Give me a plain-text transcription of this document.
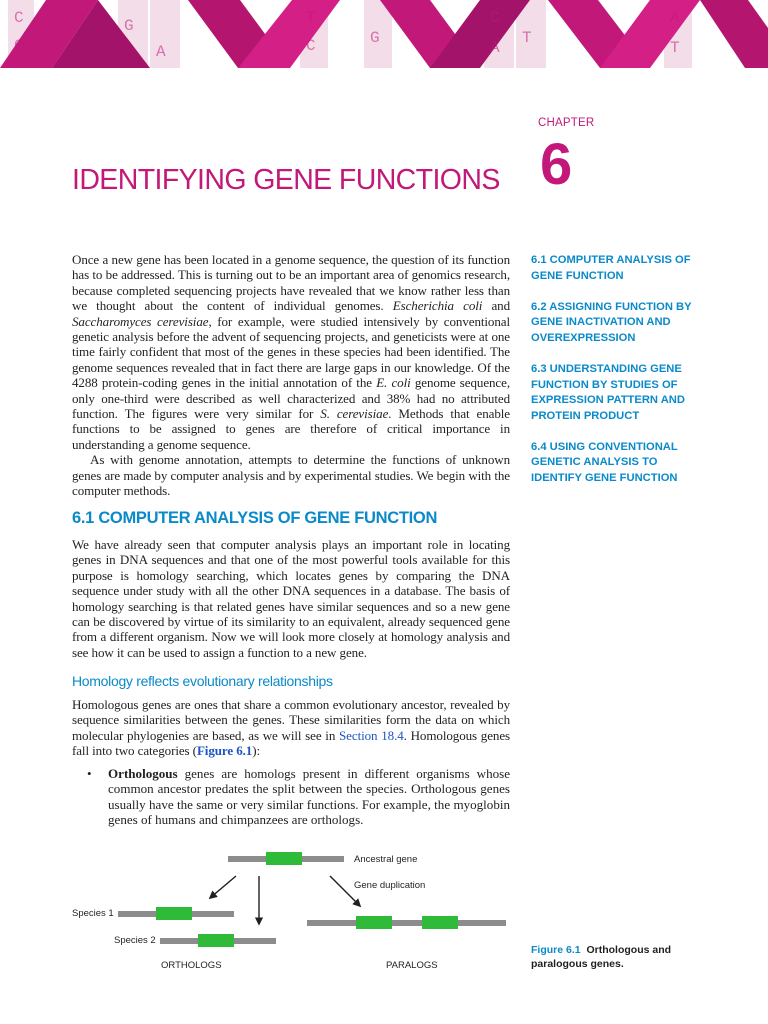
C	G
A
T
G
C
T
A
G	C	A	T
CHAPTER
6
IDENTIFYING GENE FUNCTIONS

Once a new gene has been located in a genome sequence, the question of its function has to be addressed. This is turning out to be an important area of genomics research, because completed sequencing projects have revealed that we know rather less than we thought about the content of individual genomes. Escherichia coli and Saccharomyces cerevisiae, for example, were studied intensively by conventional genetic analysis before the advent of sequencing projects, and geneticists were at one time fairly confident that most of the genes in these species had been identified. The genome sequences revealed that in fact there are large gaps in our knowledge. Of the 4288 protein-coding genes in the initial annotation of the E. coli genome sequence, only one-third were described as well characterized and 38% had no attributed function. The figures were very similar for S. cerevisiae. Methods that enable functions to be assigned to genes are therefore of critical importance in understanding a genome sequence.

As with genome annotation, attempts to determine the functions of unknown genes are made by computer analysis and by experimental studies. We begin with the computer methods.

6.1 COMPUTER ANALYSIS OF GENE FUNCTION

We have already seen that computer analysis plays an important role in locating genes in DNA sequences and that one of the most powerful tools available for this purpose is homology searching, which locates genes by comparing the DNA sequence under study with all the other DNA sequences in a database. The basis of homology searching is that related genes have similar sequences and so a new gene can be discovered by virtue of its similarity to an equivalent, already sequenced gene from a different organism. Now we will look more closely at homology analysis and see how it can be used to assign a function to a new gene.

Homology reflects evolutionary relationships

Homologous genes are ones that share a common evolutionary ancestor, revealed by sequence similarities between the genes. These similarities form the data on which molecular phylogenies are based, as we will see in Section 18.4. Homologous genes fall into two categories (Figure 6.1):

• Orthologous genes are homologs present in different organisms whose common ancestor predates the split between the species. Orthologous genes usually have the same or very similar functions. For example, the myoglobin genes of humans and chimpanzees are orthologs.
6.1 COMPUTER ANALYSIS OF GENE FUNCTION
6.2 ASSIGNING FUNCTION BY GENE INACTIVATION AND OVEREXPRESSION
6.3 UNDERSTANDING GENE FUNCTION BY STUDIES OF EXPRESSION PATTERN AND PROTEIN PRODUCT
6.4 USING CONVENTIONAL GENETIC ANALYSIS TO IDENTIFY GENE FUNCTION
Ancestral gene
Gene duplication
Species 1
Species 2
ORTHOLOGS	PARALOGS
Figure 6.1 Orthologous and paralogous genes.
